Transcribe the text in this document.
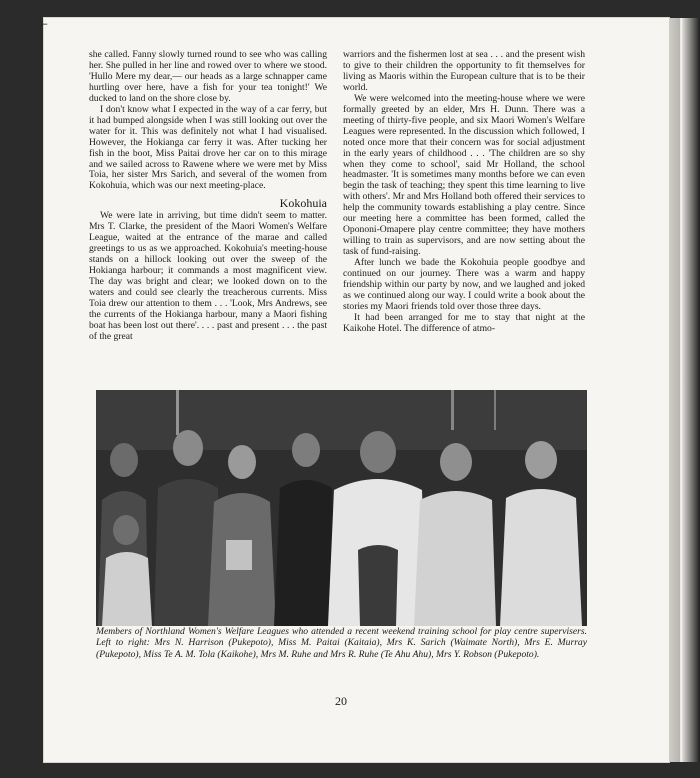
⌐

she called. Fanny slowly turned round to see who was calling her. She pulled in her line and rowed over to where we stood. 'Hullo Mere my dear,— our heads as a large schnapper came hurtling over here, have a fish for your tea tonight!' We ducked to land on the shore close by.

I don't know what I expected in the way of a car ferry, but it had bumped alongside when I was still looking out over the water for it. This was definitely not what I had visualised. However, the Hokianga car ferry it was. After tucking her fish in the boot, Miss Paitai drove her car on to this mirage and we sailed across to Rawene where we were met by Miss Toia, her sister Mrs Sarich, and several of the women from Kokohuia, which was our next meeting-place.

Kokohuia

We were late in arriving, but time didn't seem to matter. Mrs T. Clarke, the president of the Maori Women's Welfare League, waited at the entrance of the marae and called greetings to us as we approached. Kokohuia's meeting-house stands on a hillock looking out over the sweep of the Hokianga harbour; it commands a most magnificent view. The day was bright and clear; we looked down on to the waters and could see clearly the treacherous currents. Miss Toia drew our attention to them . . . 'Look, Mrs Andrews, see the currents of the Hokianga harbour, many a Maori fishing boat has been lost out there'. . . . past and present . . . the past of the great

warriors and the fishermen lost at sea . . . and the present wish to give to their children the opportunity to fit themselves for living as Maoris within the European culture that is to be their world.

We were welcomed into the meeting-house where we were formally greeted by an elder, Mrs H. Dunn. There was a meeting of thirty-five people, and six Maori Women's Welfare Leagues were represented. In the discussion which followed, I noted once more that their concern was for social adjustment in the early years of childhood . . . 'The children are so shy when they come to school', said Mr Holland, the school headmaster. 'It is sometimes many months before we can even begin the task of teaching; they spent this time learning to live with others'. Mr and Mrs Holland both offered their services to help the community towards establishing a play centre. Since our meeting here a committee has been formed, called the Opononi-Omapere play centre committee; they have mothers willing to train as supervisors, and are now setting about the task of fund-raising.

After lunch we bade the Kokohuia people goodbye and continued on our journey. There was a warm and happy friendship within our party by now, and we laughed and joked as we continued along our way. I could write a book about the stories my Maori friends told over those three days.

It had been arranged for me to stay that night at the Kaikohe Hotel. The difference of atmo-

Members of Northland Women's Welfare Leagues who attended a recent weekend training school for play centre supervisers. Left to right: Mrs N. Harrison (Pukepoto), Miss M. Paitai (Kaitaia), Mrs K. Sarich (Waimate North), Mrs E. Murray (Pukepoto), Miss Te A. M. Tola (Kaikohe), Mrs M. Ruhe and Mrs R. Ruhe (Te Ahu Ahu), Mrs Y. Robson (Pukepoto).
20
